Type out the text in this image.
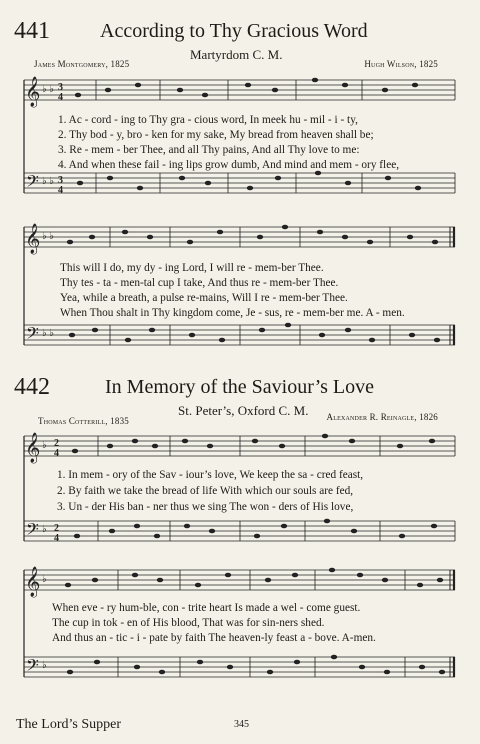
441	According to Thy Gracious Word
Martyrdom C. M.
James Montgomery, 1825	Hugh Wilson, 1825
𝄞
𝄢
♭ ♭
♭ ♭
3
4
3
4
1. Ac - cord - ing to Thy gra - cious word, In meek hu - mil - i - ty,
2. Thy bod - y, bro - ken for my sake, My bread from heaven shall be;
3. Re - mem - ber Thee, and all Thy pains, And all Thy love to me:
4. And when these fail - ing lips grow dumb, And mind and mem - ory flee,
𝄞
𝄢
♭ ♭
♭ ♭
This will I do, my dy - ing Lord, I will re - mem-ber Thee.
Thy tes - ta - men-tal cup I take, And thus re - mem-ber Thee.
Yea, while a breath, a pulse re-mains, Will I re - mem-ber Thee.
When Thou shalt in Thy kingdom come, Je - sus, re - mem-ber me. A - men.
442	In Memory of the Saviour’s Love
St. Peter’s, Oxford C. M.
Thomas Cotterill, 1835	Alexander R. Reinagle, 1826
𝄞
𝄢
♭
♭
2
4
2
4
1. In mem - ory of the Sav - iour’s love, We keep the sa - cred feast,
2. By faith we take the bread of life With which our souls are fed,
3. Un - der His ban - ner thus we sing The won - ders of His love,
𝄞
𝄢
♭
♭
When eve - ry hum-ble, con - trite heart Is made a wel - come guest.
The cup in tok - en of His blood, That was for sin-ners shed.
And thus an - tic - i - pate by faith The heaven-ly feast a - bove. A-men.
The Lord’s Supper	345
